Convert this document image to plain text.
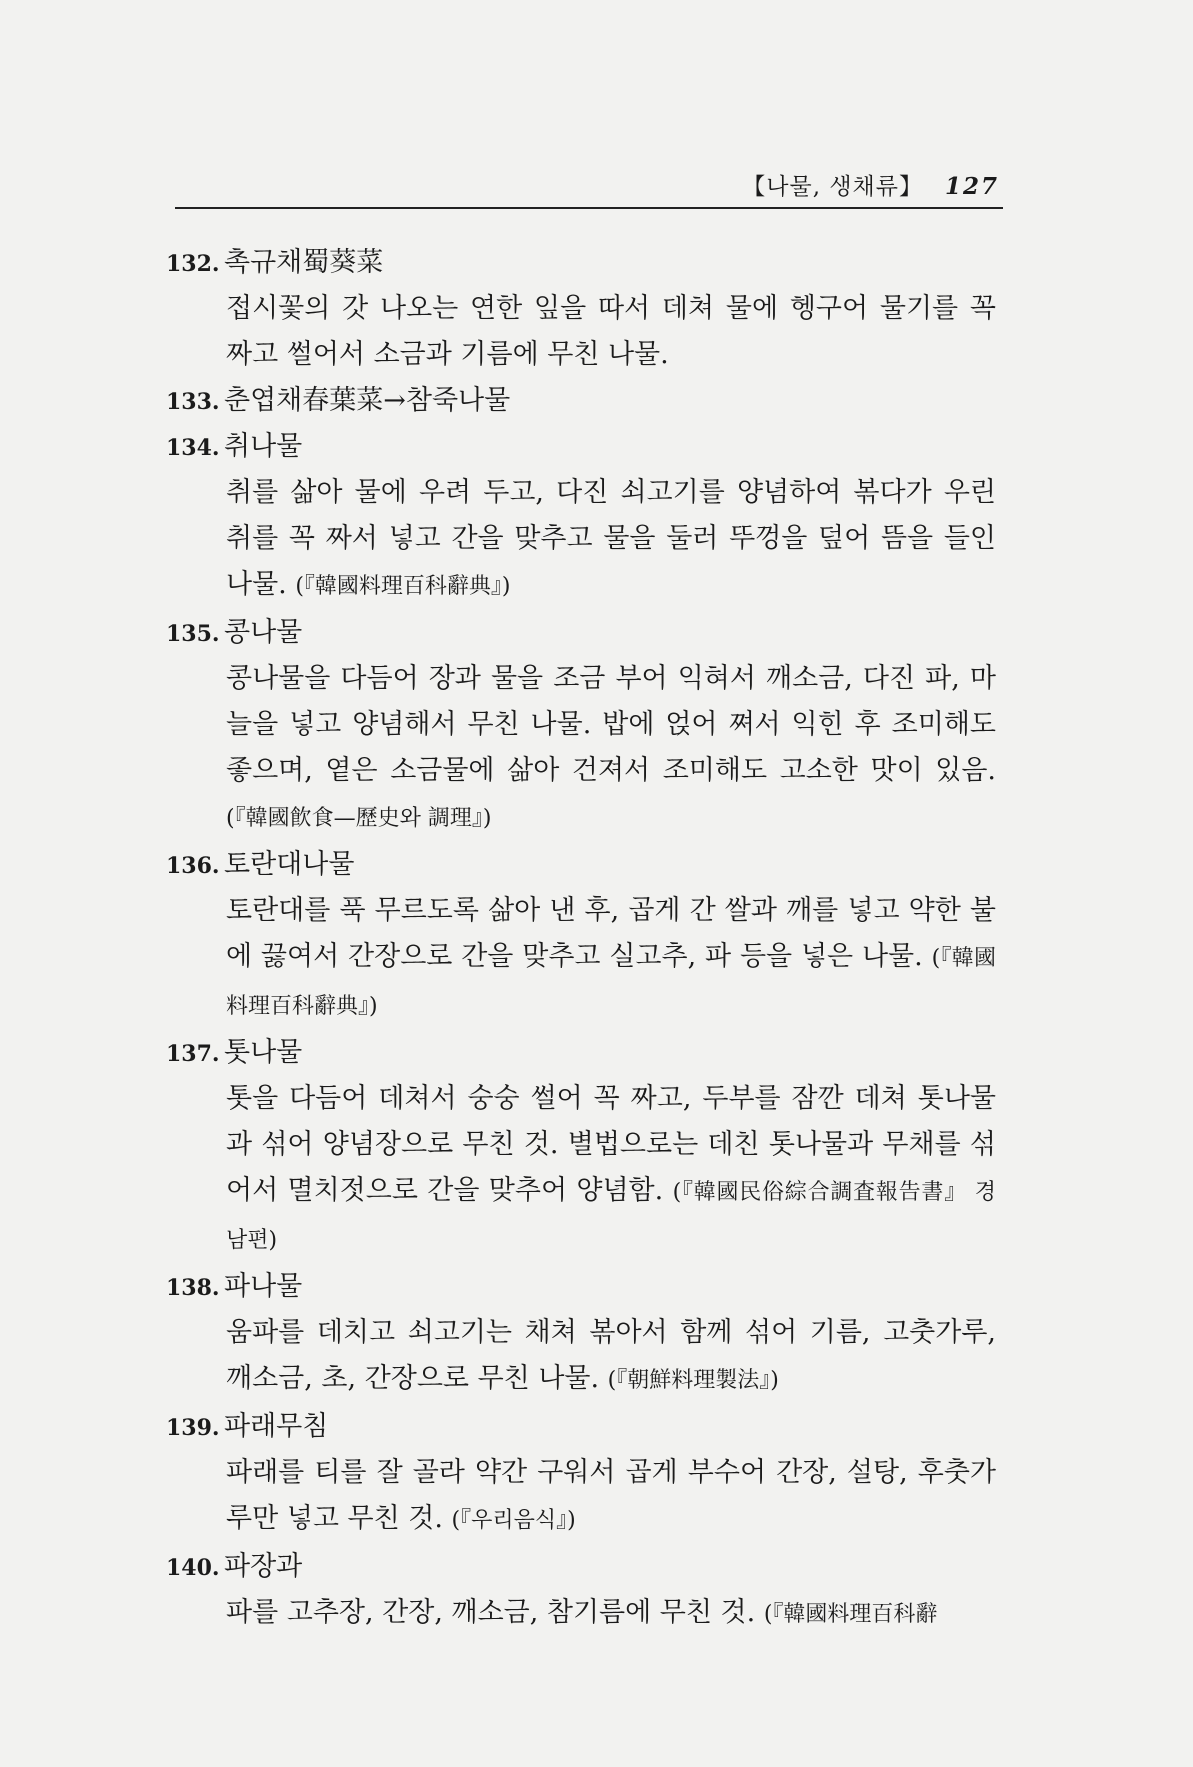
【나물, 생채류】 127
132. 촉규채蜀葵菜
접시꽃의 갓 나오는 연한 잎을 따서 데쳐 물에 헹구어 물기를 꼭 짜고 썰어서 소금과 기름에 무친 나물.
133. 춘엽채春葉菜→참죽나물
134. 취나물
취를 삶아 물에 우려 두고, 다진 쇠고기를 양념하여 볶다가 우린 취를 꼭 짜서 넣고 간을 맞추고 물을 둘러 뚜껑을 덮어 뜸을 들인 나물. (『韓國料理百科辭典』)
135. 콩나물
콩나물을 다듬어 장과 물을 조금 부어 익혀서 깨소금, 다진 파, 마늘을 넣고 양념해서 무친 나물. 밥에 얹어 쪄서 익힌 후 조미해도 좋으며, 옅은 소금물에 삶아 건져서 조미해도 고소한 맛이 있음. (『韓國飮食—歷史와 調理』)
136. 토란대나물
토란대를 푹 무르도록 삶아 낸 후, 곱게 간 쌀과 깨를 넣고 약한 불에 끓여서 간장으로 간을 맞추고 실고추, 파 등을 넣은 나물. (『韓國料理百科辭典』)
137. 톳나물
톳을 다듬어 데쳐서 숭숭 썰어 꼭 짜고, 두부를 잠깐 데쳐 톳나물과 섞어 양념장으로 무친 것. 별법으로는 데친 톳나물과 무채를 섞어서 멸치젓으로 간을 맞추어 양념함. (『韓國民俗綜合調査報告書』 경남편)
138. 파나물
움파를 데치고 쇠고기는 채쳐 볶아서 함께 섞어 기름, 고춧가루, 깨소금, 초, 간장으로 무친 나물. (『朝鮮料理製法』)
139. 파래무침
파래를 티를 잘 골라 약간 구워서 곱게 부수어 간장, 설탕, 후춧가루만 넣고 무친 것. (『우리음식』)
140. 파장과
파를 고추장, 간장, 깨소금, 참기름에 무친 것. (『韓國料理百科辭
